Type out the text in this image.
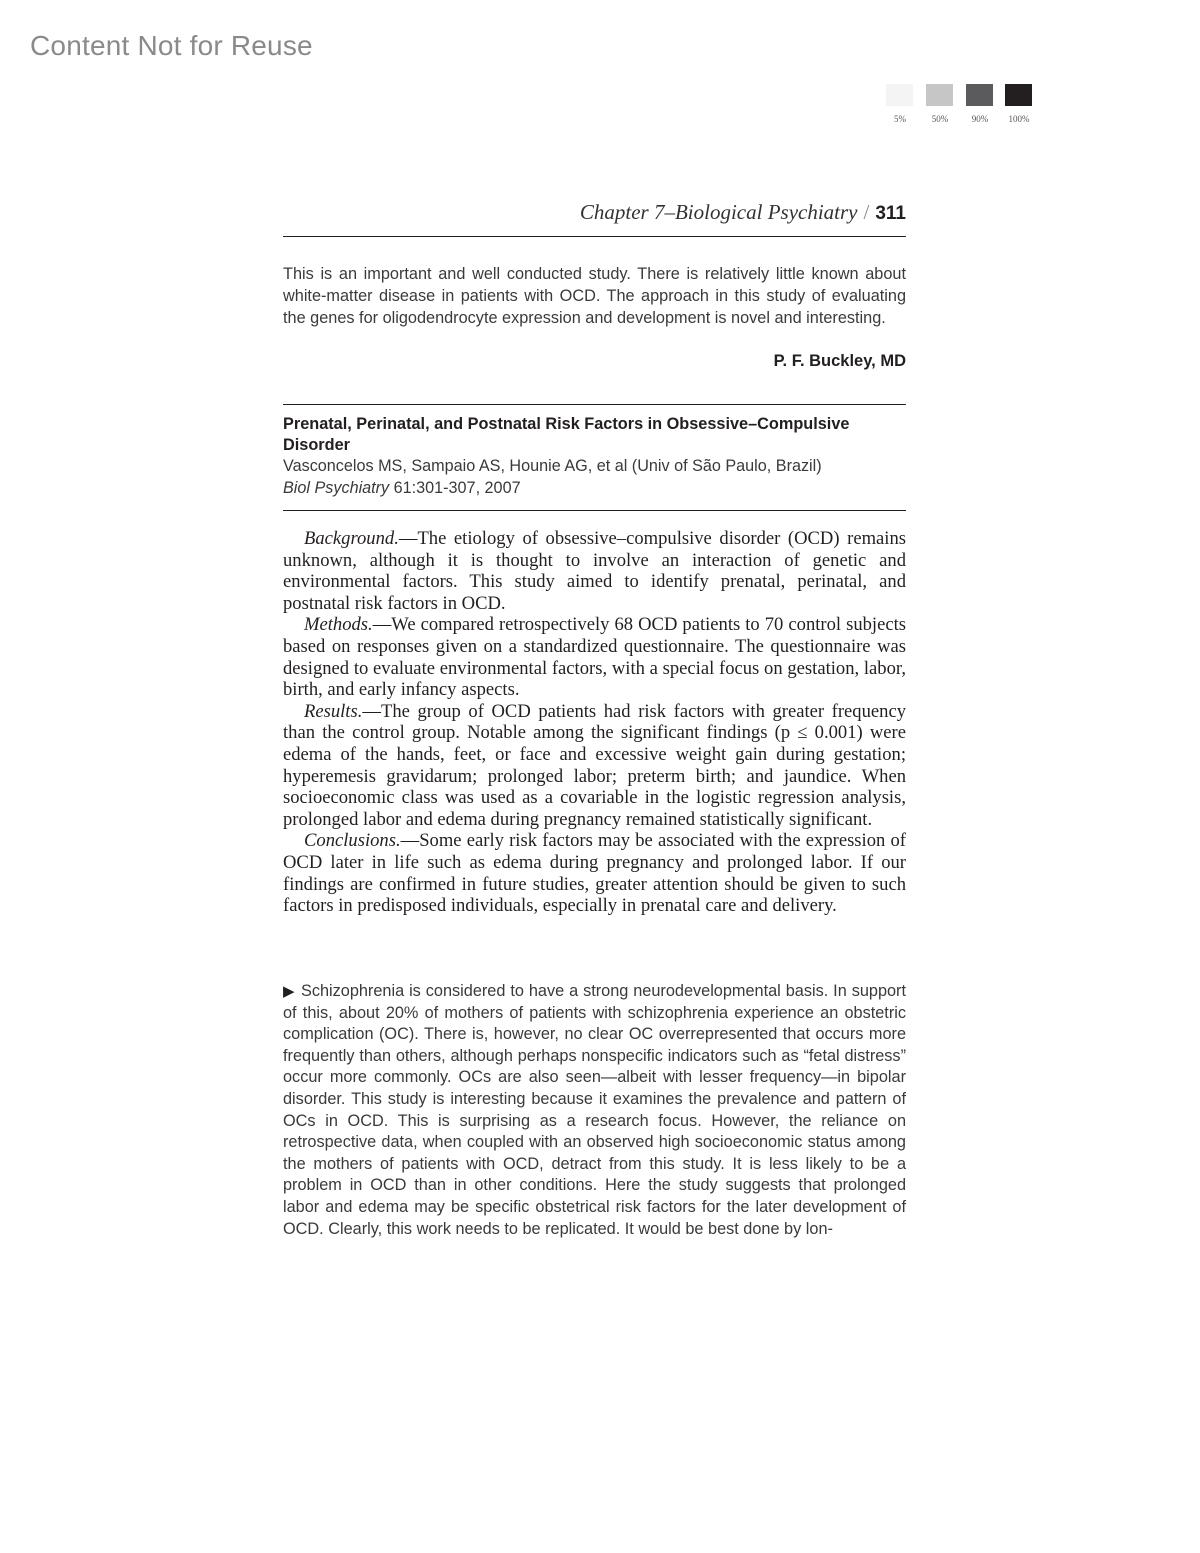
Content Not for Reuse
5%	50%	90%	100%
Chapter 7–Biological Psychiatry / 311
This is an important and well conducted study. There is relatively little known about white-matter disease in patients with OCD. The approach in this study of evaluating the genes for oligodendrocyte expression and development is novel and interesting.
P. F. Buckley, MD
Prenatal, Perinatal, and Postnatal Risk Factors in Obsessive–Compulsive Disorder
Vasconcelos MS, Sampaio AS, Hounie AG, et al (Univ of São Paulo, Brazil)
Biol Psychiatry 61:301-307, 2007

Background.—The etiology of obsessive–compulsive disorder (OCD) remains unknown, although it is thought to involve an interaction of genetic and environmental factors. This study aimed to identify prenatal, perinatal, and postnatal risk factors in OCD.

Methods.—We compared retrospectively 68 OCD patients to 70 control subjects based on responses given on a standardized questionnaire. The questionnaire was designed to evaluate environmental factors, with a special focus on gestation, labor, birth, and early infancy aspects.

Results.—The group of OCD patients had risk factors with greater frequency than the control group. Notable among the significant findings (p ≤ 0.001) were edema of the hands, feet, or face and excessive weight gain during gestation; hyperemesis gravidarum; prolonged labor; preterm birth; and jaundice. When socioeconomic class was used as a covariable in the logistic regression analysis, prolonged labor and edema during pregnancy remained statistically significant.

Conclusions.—Some early risk factors may be associated with the expression of OCD later in life such as edema during pregnancy and prolonged labor. If our findings are confirmed in future studies, greater attention should be given to such factors in predisposed individuals, especially in prenatal care and delivery.

▶ Schizophrenia is considered to have a strong neurodevelopmental basis. In support of this, about 20% of mothers of patients with schizophrenia experience an obstetric complication (OC). There is, however, no clear OC overrepresented that occurs more frequently than others, although perhaps nonspecific indicators such as “fetal distress” occur more commonly. OCs are also seen—albeit with lesser frequency—in bipolar disorder. This study is interesting because it examines the prevalence and pattern of OCs in OCD. This is surprising as a research focus. However, the reliance on retrospective data, when coupled with an observed high socioeconomic status among the mothers of patients with OCD, detract from this study. It is less likely to be a problem in OCD than in other conditions. Here the study suggests that prolonged labor and edema may be specific obstetrical risk factors for the later development of OCD. Clearly, this work needs to be replicated. It would be best done by lon-
